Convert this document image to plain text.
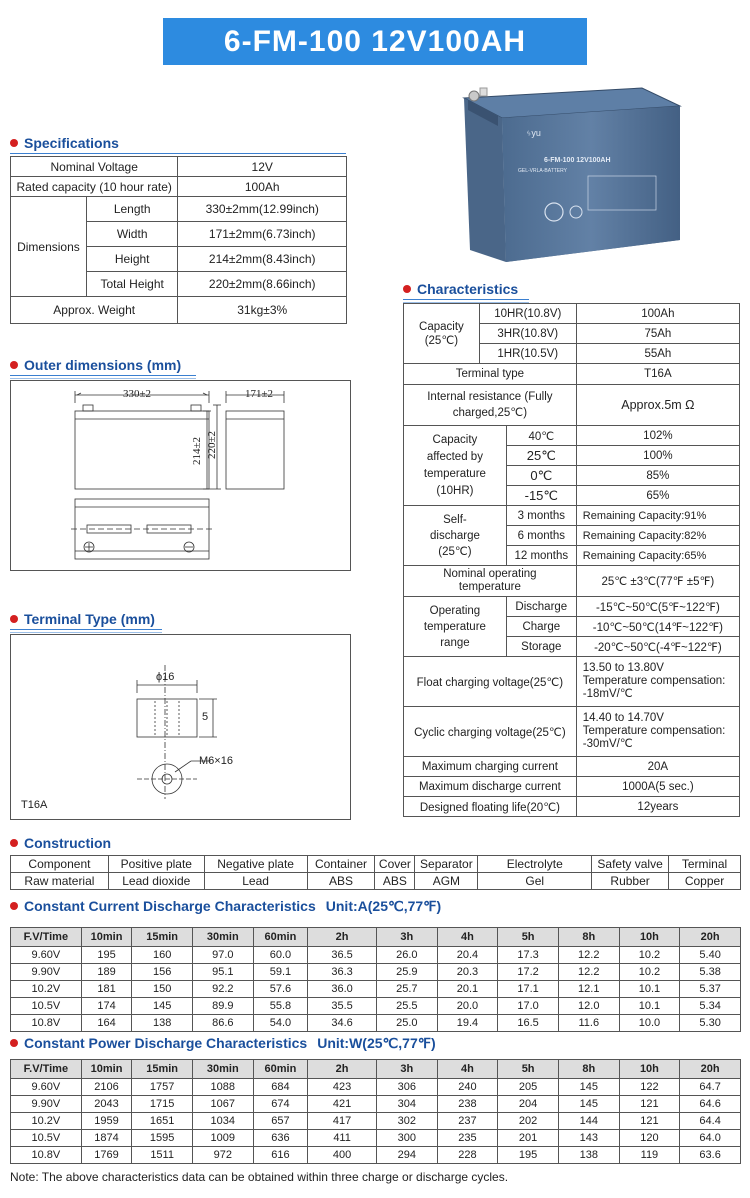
6-FM-100 12V100AH
ᛃyu
6-FM-100 12V100AH
GEL-VRLA-BATTERY
Specifications
Nominal Voltage		12V
Rated capacity (10 hour rate)		100Ah
Dimensions	Length	330±2mm(12.99inch)
	Width	171±2mm(6.73inch)
	Height	214±2mm(8.43inch)
	Total Height	220±2mm(8.66inch)
Approx. Weight		31kg±3%
Outer dimensions (mm)
330±2	171±2
214±2 220±2
Terminal Type (mm)
ϕ16
5
M6×16
T16A
Characteristics
Capacity (25℃)	10HR(10.8V)		100Ah
	3HR(10.8V)		75Ah
	1HR(10.5V)		55Ah
Terminal type			T16A
Internal resistance (Fully charged,25℃)			Approx.5m Ω
Capacity affected by temperature (10HR)		40℃	102%
		25℃	100%
		0℃	85%
		-15℃	65%
Self-discharge (25℃)		3 months	Remaining Capacity:91%
		6 months	Remaining Capacity:82%
		12 months	Remaining Capacity:65%
Nominal operating temperature			25℃ ±3℃(77℉ ±5℉)
Operating temperature range		Discharge	-15℃~50℃(5℉~122℉)
		Charge	-10℃~50℃(14℉~122℉)
		Storage	-20℃~50℃(-4℉~122℉)
Float charging voltage(25℃)			13.50 to 13.80V
Temperature compensation:
-18mV/℃

Cyclic charging voltage(25℃)			14.40 to 14.70V
Temperature compensation:
-30mV/℃

Maximum charging current			20A
Maximum discharge current			1000A(5 sec.)
Designed floating life(20℃)			12years
Construction
Component	Positive plate	Negative plate	Container	Cover	Separator	Electrolyte	Safety valve	Terminal
Raw material	Lead dioxide	Lead	ABS	ABS	AGM	Gel	Rubber	Copper
Constant Current Discharge Characteristics Unit:A(25℃,77℉)
F.V/Time	10min	15min	30min	60min	2h	3h	4h	5h	8h	10h	20h
9.60V	195	160	97.0	60.0	36.5	26.0	20.4	17.3	12.2	10.2	5.40
9.90V	189	156	95.1	59.1	36.3	25.9	20.3	17.2	12.2	10.2	5.38
10.2V	181	150	92.2	57.6	36.0	25.7	20.1	17.1	12.1	10.1	5.37
10.5V	174	145	89.9	55.8	35.5	25.5	20.0	17.0	12.0	10.1	5.34
10.8V	164	138	86.6	54.0	34.6	25.0	19.4	16.5	11.6	10.0	5.30
Constant Power Discharge Characteristics Unit:W(25℃,77℉)
F.V/Time	10min	15min	30min	60min	2h	3h	4h	5h	8h	10h	20h
9.60V	2106	1757	1088	684	423	306	240	205	145	122	64.7
9.90V	2043	1715	1067	674	421	304	238	204	145	121	64.6
10.2V	1959	1651	1034	657	417	302	237	202	144	121	64.4
10.5V	1874	1595	1009	636	411	300	235	201	143	120	64.0
10.8V	1769	1511	972	616	400	294	228	195	138	119	63.6
Note: The above characteristics data can be obtained within three charge or discharge cycles.
